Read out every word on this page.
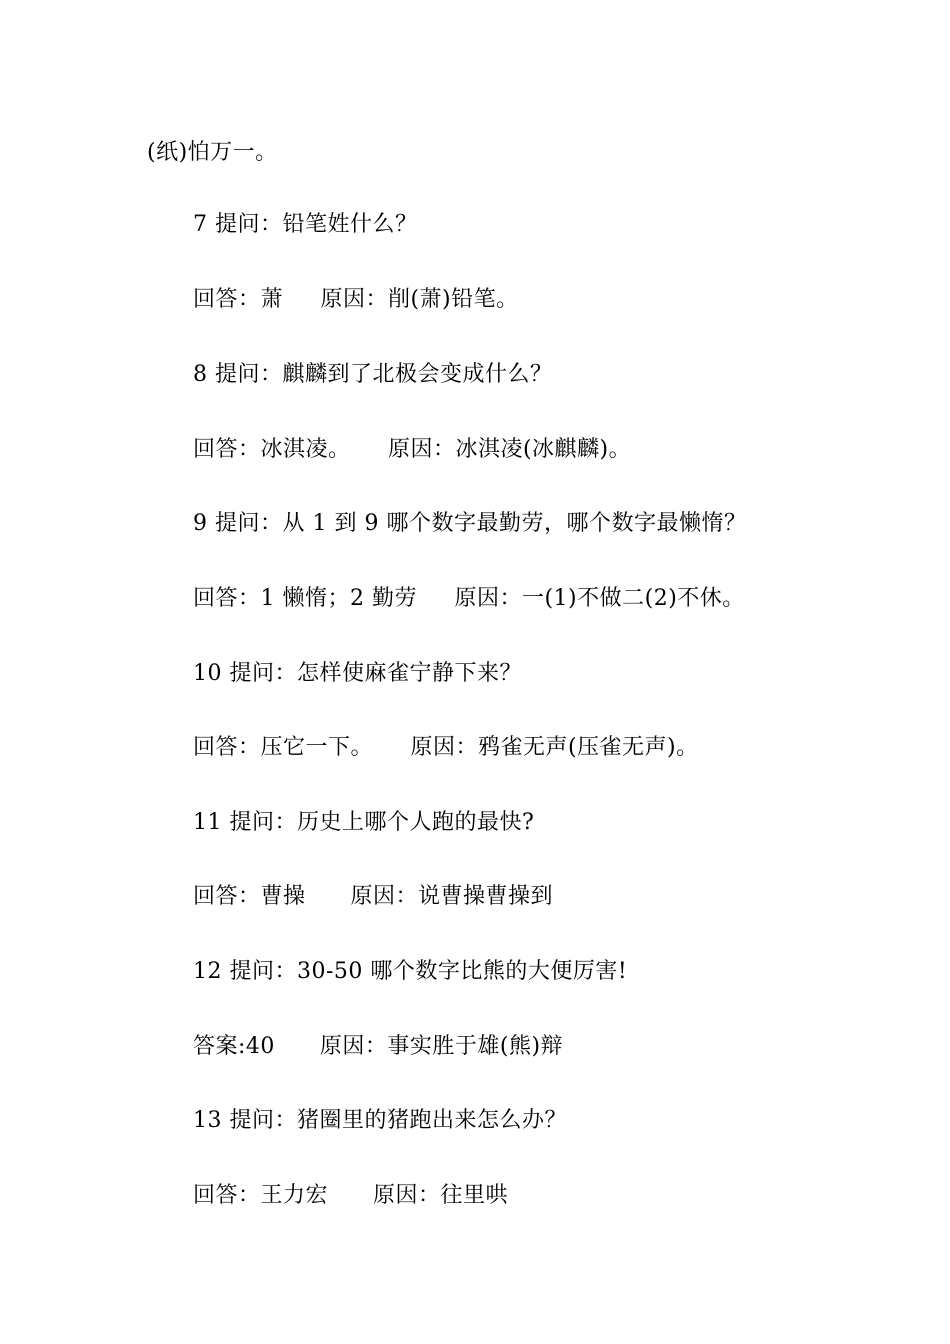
(纸)怕万一。
7 提问：铅笔姓什么？
回答：萧     原因：削(萧)铅笔。
8 提问：麒麟到了北极会变成什么？
回答：冰淇凌。     原因：冰淇凌(冰麒麟)。
9 提问：从 1 到 9 哪个数字最勤劳，哪个数字最懒惰？
回答：1 懒惰；2 勤劳     原因：一(1)不做二(2)不休。
10 提问：怎样使麻雀宁静下来？
回答：压它一下。     原因：鸦雀无声(压雀无声)。
11 提问：历史上哪个人跑的最快?
回答：曹操      原因：说曹操曹操到
12 提问：30-50 哪个数字比熊的大便厉害!
答案:40      原因：事实胜于雄(熊)辩
13 提问：猪圈里的猪跑出来怎么办？
回答：王力宏      原因：往里哄
